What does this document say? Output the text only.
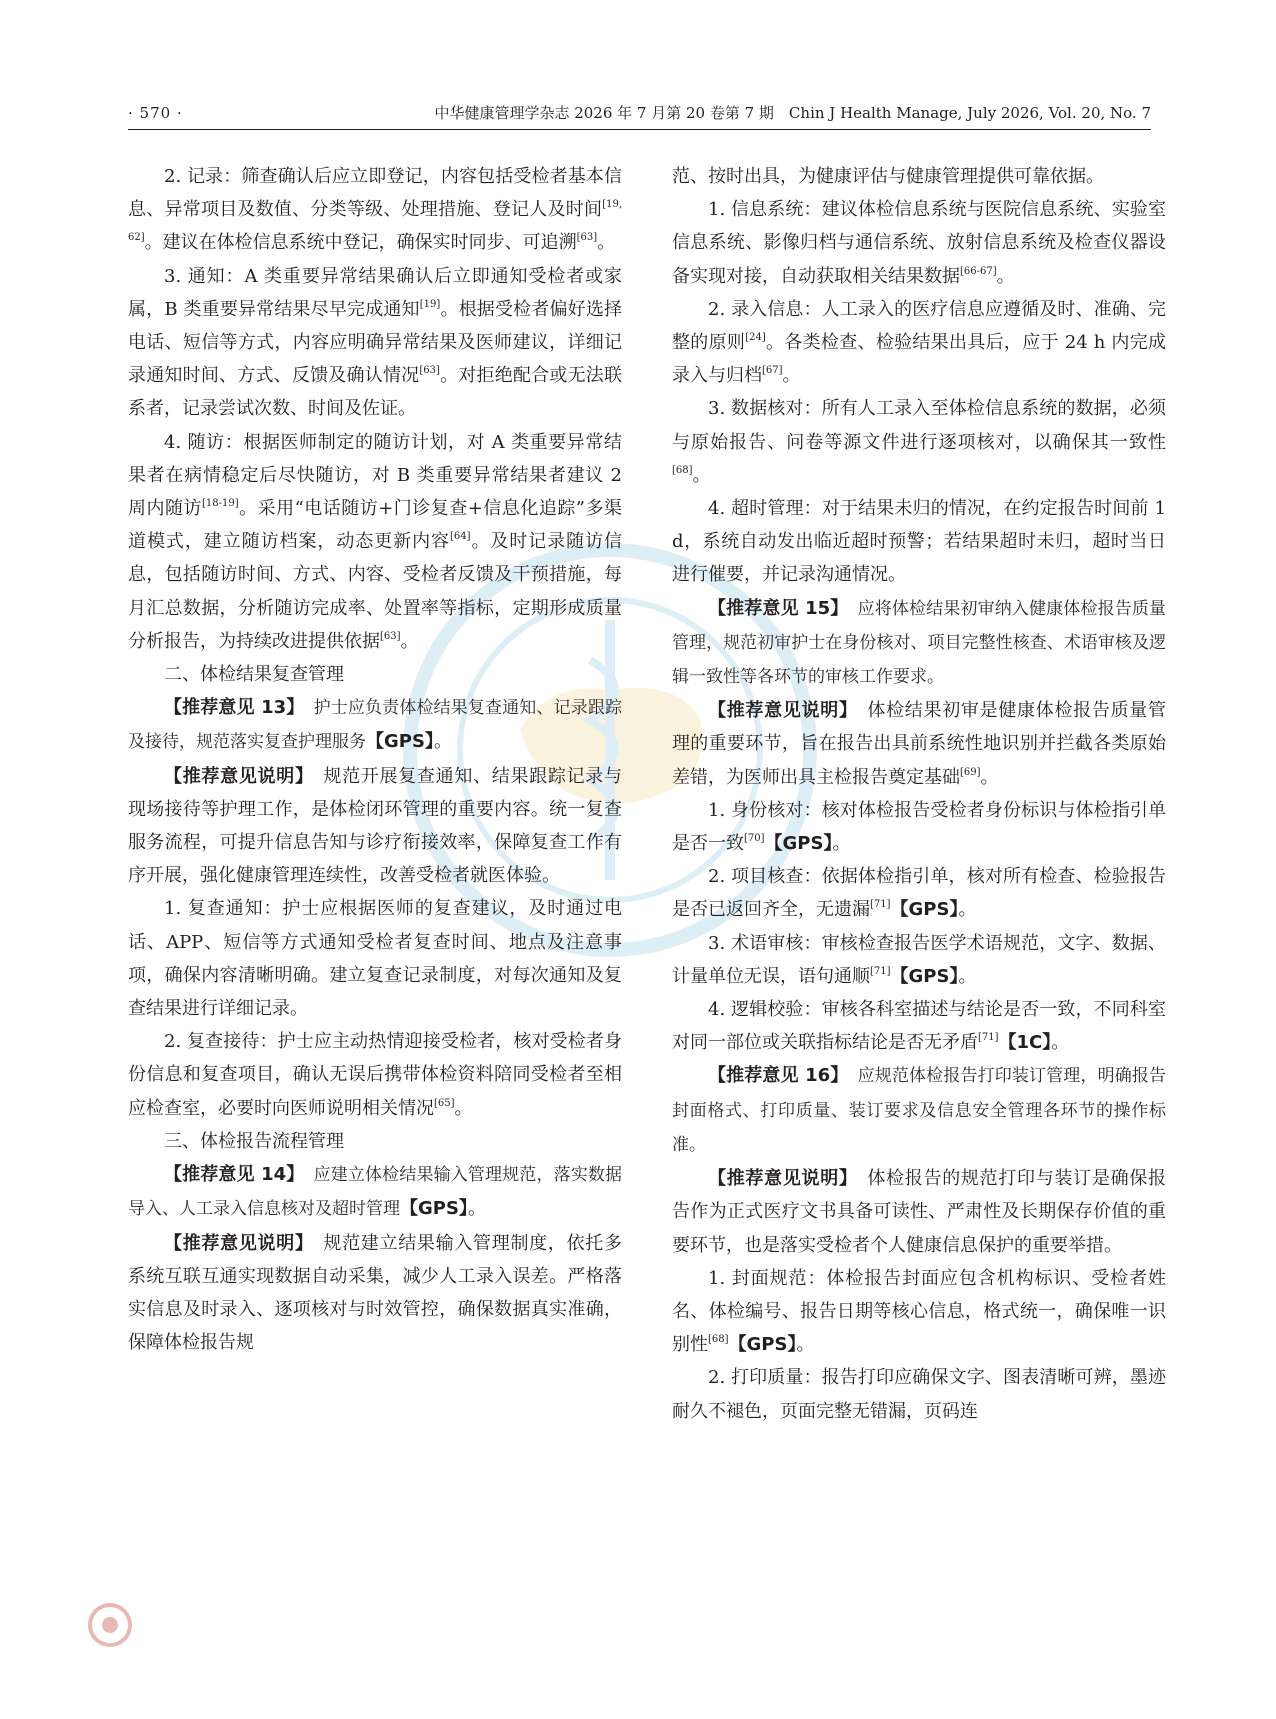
· 570 ·	中华健康管理学杂志 2026 年 7 月第 20 卷第 7 期　Chin J Health Manage, July 2026, Vol. 20, No. 7

2. 记录：筛查确认后应立即登记，内容包括受检者基本信息、异常项目及数值、分类等级、处理措施、登记人及时间[19, 62]。建议在体检信息系统中登记，确保实时同步、可追溯[63]。

3. 通知：A 类重要异常结果确认后立即通知受检者或家属，B 类重要异常结果尽早完成通知[19]。根据受检者偏好选择电话、短信等方式，内容应明确异常结果及医师建议，详细记录通知时间、方式、反馈及确认情况[63]。对拒绝配合或无法联系者，记录尝试次数、时间及佐证。

4. 随访：根据医师制定的随访计划，对 A 类重要异常结果者在病情稳定后尽快随访，对 B 类重要异常结果者建议 2 周内随访[18-19]。采用“电话随访+门诊复查+信息化追踪”多渠道模式，建立随访档案，动态更新内容[64]。及时记录随访信息，包括随访时间、方式、内容、受检者反馈及干预措施，每月汇总数据，分析随访完成率、处置率等指标，定期形成质量分析报告，为持续改进提供依据[63]。

二、体检结果复查管理

【推荐意见 13】　 护士应负责体检结果复查通知、记录跟踪及接待，规范落实复查护理服务【GPS】。

【推荐意见说明】　 规范开展复查通知、结果跟踪记录与现场接待等护理工作，是体检闭环管理的重要内容。统一复查服务流程，可提升信息告知与诊疗衔接效率，保障复查工作有序开展，强化健康管理连续性，改善受检者就医体验。

1. 复查通知：护士应根据医师的复查建议，及时通过电话、APP、短信等方式通知受检者复查时间、地点及注意事项，确保内容清晰明确。建立复查记录制度，对每次通知及复查结果进行详细记录。

2. 复查接待：护士应主动热情迎接受检者，核对受检者身份信息和复查项目，确认无误后携带体检资料陪同受检者至相应检查室，必要时向医师说明相关情况[65]。

三、体检报告流程管理

【推荐意见 14】　 应建立体检结果输入管理规范，落实数据导入、人工录入信息核对及超时管理【GPS】。

【推荐意见说明】　 规范建立结果输入管理制度，依托多系统互联互通实现数据自动采集，减少人工录入误差。严格落实信息及时录入、逐项核对与时效管控，确保数据真实准确，保障体检报告规

范、按时出具，为健康评估与健康管理提供可靠依据。

1. 信息系统：建议体检信息系统与医院信息系统、实验室信息系统、影像归档与通信系统、放射信息系统及检查仪器设备实现对接，自动获取相关结果数据[66-67]。

2. 录入信息：人工录入的医疗信息应遵循及时、准确、完整的原则[24]。各类检查、检验结果出具后，应于 24 h 内完成录入与归档[67]。

3. 数据核对：所有人工录入至体检信息系统的数据，必须与原始报告、问卷等源文件进行逐项核对，以确保其一致性[68]。

4. 超时管理：对于结果未归的情况，在约定报告时间前 1 d，系统自动发出临近超时预警；若结果超时未归，超时当日进行催要，并记录沟通情况。

【推荐意见 15】　 应将体检结果初审纳入健康体检报告质量管理，规范初审护士在身份核对、项目完整性核查、术语审核及逻辑一致性等各环节的审核工作要求。

【推荐意见说明】　 体检结果初审是健康体检报告质量管理的重要环节，旨在报告出具前系统性地识别并拦截各类原始差错，为医师出具主检报告奠定基础[69]。

1. 身份核对：核对体检报告受检者身份标识与体检指引单是否一致[70]【GPS】。

2. 项目核查：依据体检指引单，核对所有检查、检验报告是否已返回齐全，无遗漏[71]【GPS】。

3. 术语审核：审核检查报告医学术语规范，文字、数据、计量单位无误，语句通顺[71]【GPS】。

4. 逻辑校验：审核各科室描述与结论是否一致，不同科室对同一部位或关联指标结论是否无矛盾[71]【1C】。

【推荐意见 16】　 应规范体检报告打印装订管理，明确报告封面格式、打印质量、装订要求及信息安全管理各环节的操作标准。

【推荐意见说明】　 体检报告的规范打印与装订是确保报告作为正式医疗文书具备可读性、严肃性及长期保存价值的重要环节，也是落实受检者个人健康信息保护的重要举措。

1. 封面规范：体检报告封面应包含机构标识、受检者姓名、体检编号、报告日期等核心信息，格式统一，确保唯一识别性[68]【GPS】。

2. 打印质量：报告打印应确保文字、图表清晰可辨，墨迹耐久不褪色，页面完整无错漏，页码连
